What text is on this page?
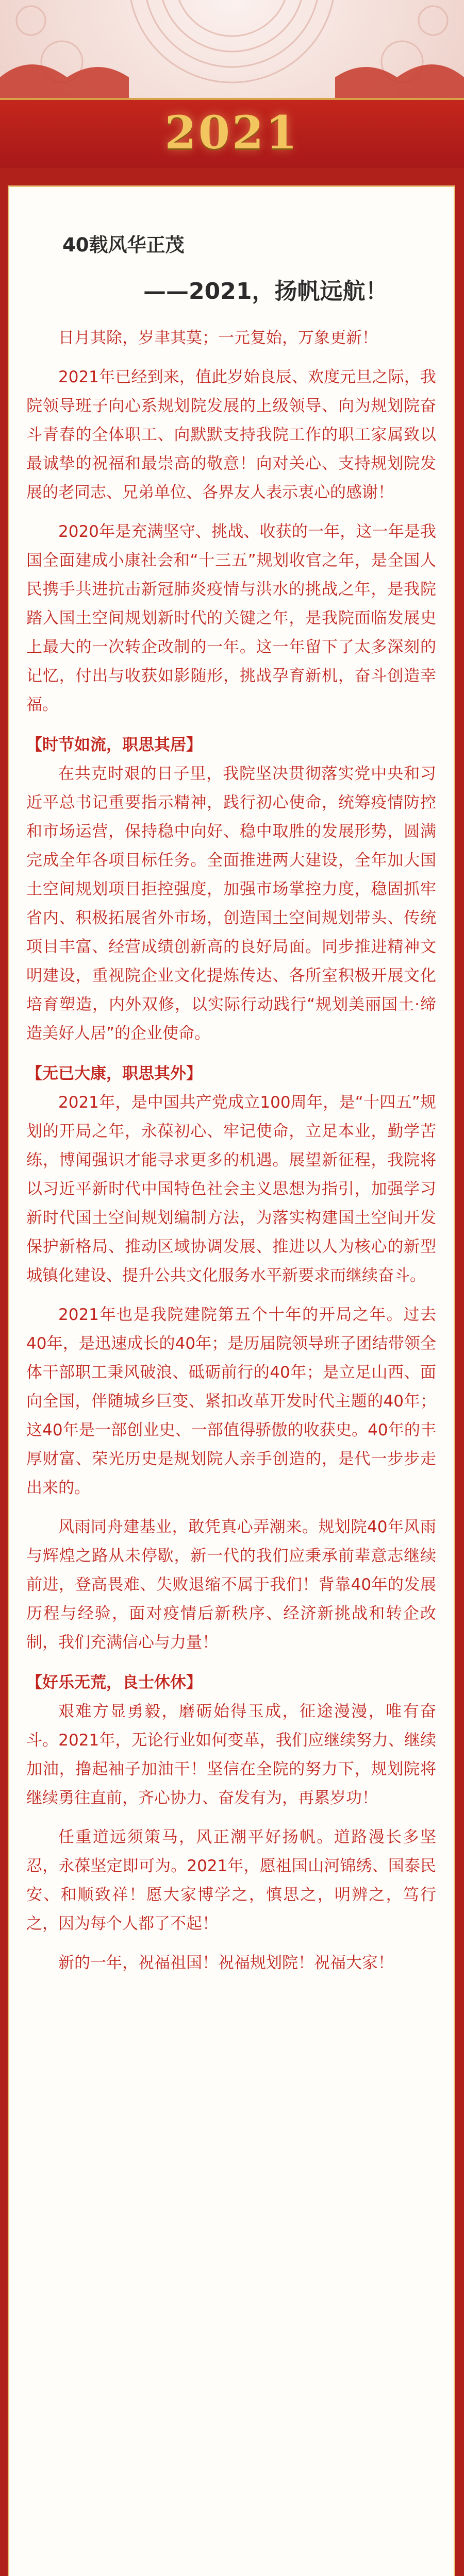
2021
40载风华正茂
——2021，扬帆远航！

日月其除，岁聿其莫；一元复始，万象更新！

2021年已经到来，值此岁始良辰、欢度元旦之际，我院领导班子向心系规划院发展的上级领导、向为规划院奋斗青春的全体职工、向默默支持我院工作的职工家属致以最诚挚的祝福和最崇高的敬意！向对关心、支持规划院发展的老同志、兄弟单位、各界友人表示衷心的感谢！

2020年是充满坚守、挑战、收获的一年，这一年是我国全面建成小康社会和“十三五”规划收官之年，是全国人民携手共进抗击新冠肺炎疫情与洪水的挑战之年，是我院踏入国土空间规划新时代的关键之年，是我院面临发展史上最大的一次转企改制的一年。这一年留下了太多深刻的记忆，付出与收获如影随形，挑战孕育新机，奋斗创造幸福。

【时节如流，职思其居】

在共克时艰的日子里，我院坚决贯彻落实党中央和习近平总书记重要指示精神，践行初心使命，统筹疫情防控和市场运营，保持稳中向好、稳中取胜的发展形势，圆满完成全年各项目标任务。全面推进两大建设，全年加大国土空间规划项目拒控强度，加强市场掌控力度，稳固抓牢省内、积极拓展省外市场，创造国土空间规划带头、传统项目丰富、经营成绩创新高的良好局面。同步推进精神文明建设，重视院企业文化提炼传达、各所室积极开展文化培育塑造，内外双修，以实际行动践行“规划美丽国土·缔造美好人居”的企业使命。

【无已大康，职思其外】

2021年，是中国共产党成立100周年，是“十四五”规划的开局之年，永葆初心、牢记使命，立足本业，勤学苦练，博闻强识才能寻求更多的机遇。展望新征程，我院将以习近平新时代中国特色社会主义思想为指引，加强学习新时代国土空间规划编制方法，为落实构建国土空间开发保护新格局、推动区域协调发展、推进以人为核心的新型城镇化建设、提升公共文化服务水平新要求而继续奋斗。

2021年也是我院建院第五个十年的开局之年。过去40年，是迅速成长的40年；是历届院领导班子团结带领全体干部职工秉风破浪、砥砺前行的40年；是立足山西、面向全国，伴随城乡巨变、紧扣改革开发时代主题的40年；这40年是一部创业史、一部值得骄傲的收获史。40年的丰厚财富、荣光历史是规划院人亲手创造的，是代一步步走出来的。

风雨同舟建基业，敢凭真心弄潮来。规划院40年风雨与辉煌之路从未停歇，新一代的我们应秉承前辈意志继续前进，登高畏难、失败退缩不属于我们！背靠40年的发展历程与经验，面对疫情后新秩序、经济新挑战和转企改制，我们充满信心与力量！

【好乐无荒，良士休休】

艰难方显勇毅，磨砺始得玉成，征途漫漫，唯有奋斗。2021年，无论行业如何变革，我们应继续努力、继续加油，撸起袖子加油干！坚信在全院的努力下，规划院将继续勇往直前，齐心协力、奋发有为，再累岁功！

任重道远须策马，风正潮平好扬帆。道路漫长多坚忍，永葆坚定即可为。2021年，愿祖国山河锦绣、国泰民安、和顺致祥！愿大家博学之，慎思之，明辨之，笃行之，因为每个人都了不起！

新的一年，祝福祖国！祝福规划院！祝福大家！
